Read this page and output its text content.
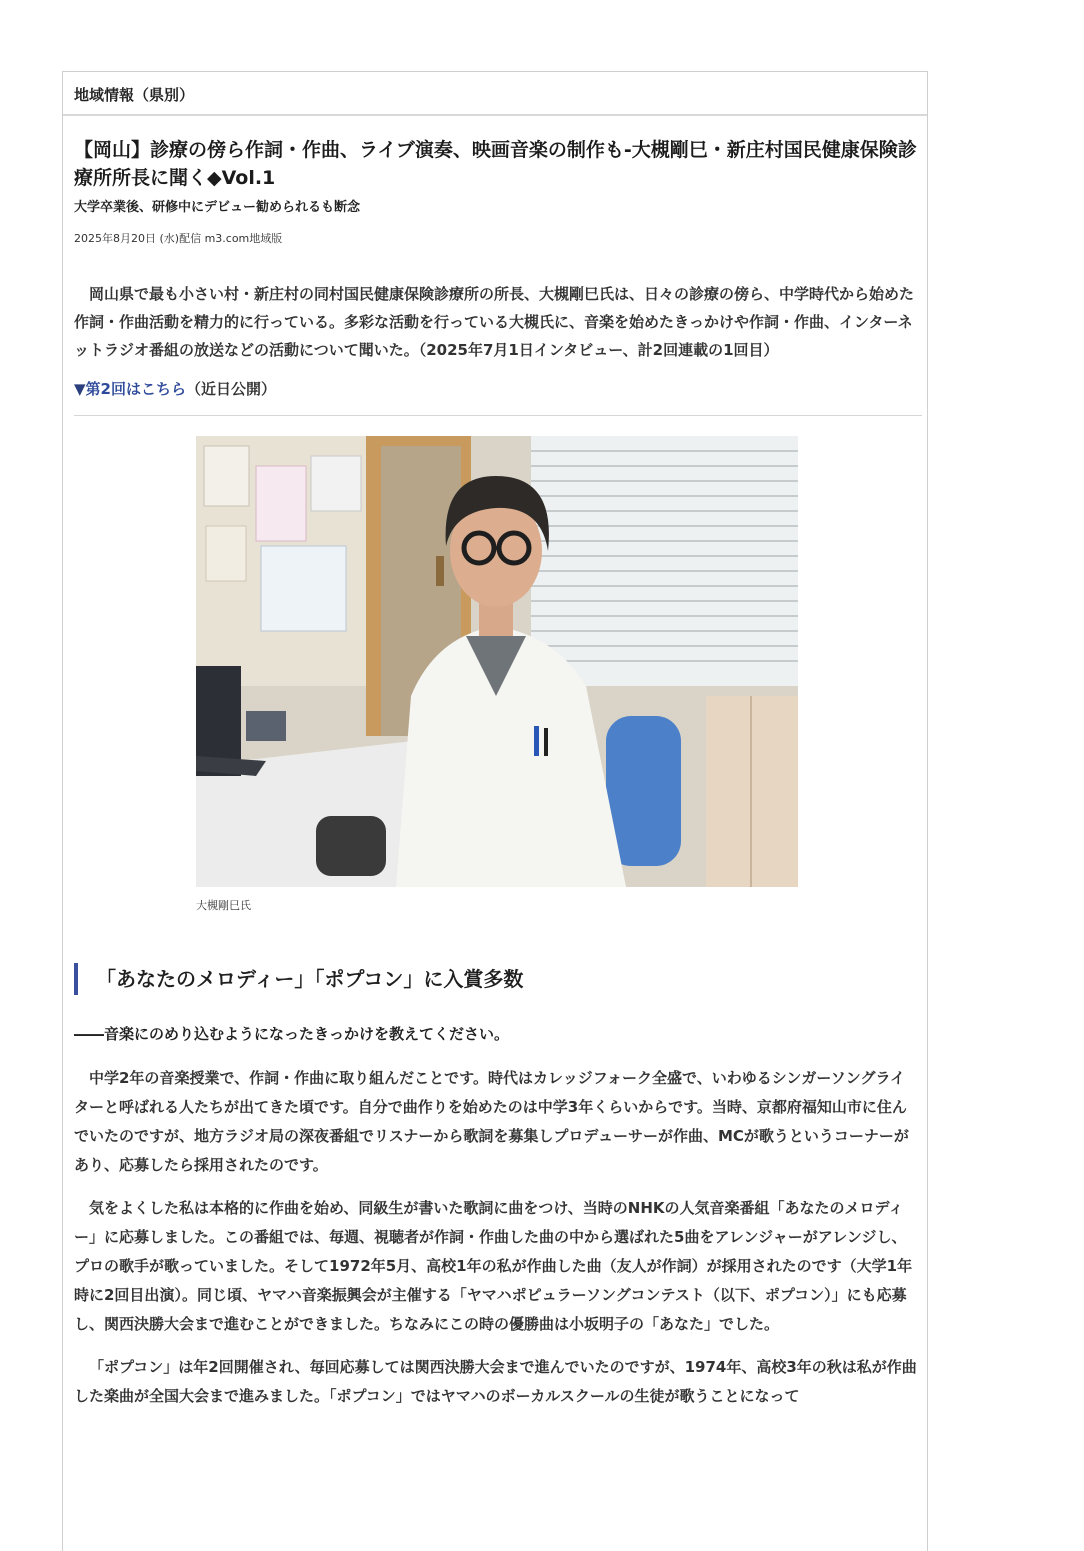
地域情報（県別）
【岡山】診療の傍ら作詞・作曲、ライブ演奏、映画音楽の制作も-大槻剛巳・新庄村国民健康保険診療所所長に聞く◆Vol.1
大学卒業後、研修中にデビュー勧められるも断念
2025年8月20日 (水)配信 m3.com地域版
岡山県で最も小さい村・新庄村の同村国民健康保険診療所の所長、大槻剛巳氏は、日々の診療の傍ら、中学時代から始めた作詞・作曲活動を精力的に行っている。多彩な活動を行っている大槻氏に、音楽を始めたきっかけや作詞・作曲、インターネットラジオ番組の放送などの活動について聞いた。（2025年7月1日インタビュー、計2回連載の1回目）
▼第2回はこちら（近日公開）
大槻剛巳氏
「あなたのメロディー」「ポプコン」に入賞多数
――音楽にのめり込むようになったきっかけを教えてください。
中学2年の音楽授業で、作詞・作曲に取り組んだことです。時代はカレッジフォーク全盛で、いわゆるシンガーソングライターと呼ばれる人たちが出てきた頃です。自分で曲作りを始めたのは中学3年くらいからです。当時、京都府福知山市に住んでいたのですが、地方ラジオ局の深夜番組でリスナーから歌詞を募集しプロデューサーが作曲、MCが歌うというコーナーがあり、応募したら採用されたのです。
気をよくした私は本格的に作曲を始め、同級生が書いた歌詞に曲をつけ、当時のNHKの人気音楽番組「あなたのメロディー」に応募しました。この番組では、毎週、視聴者が作詞・作曲した曲の中から選ばれた5曲をアレンジャーがアレンジし、プロの歌手が歌っていました。そして1972年5月、高校1年の私が作曲した曲（友人が作詞）が採用されたのです（大学1年時に2回目出演）。同じ頃、ヤマハ音楽振興会が主催する「ヤマハポピュラーソングコンテスト（以下、ポプコン）」にも応募し、関西決勝大会まで進むことができました。ちなみにこの時の優勝曲は小坂明子の「あなた」でした。
「ポプコン」は年2回開催され、毎回応募しては関西決勝大会まで進んでいたのですが、1974年、高校3年の秋は私が作曲した楽曲が全国大会まで進みました。「ポプコン」ではヤマハのボーカルスクールの生徒が歌うことになって
